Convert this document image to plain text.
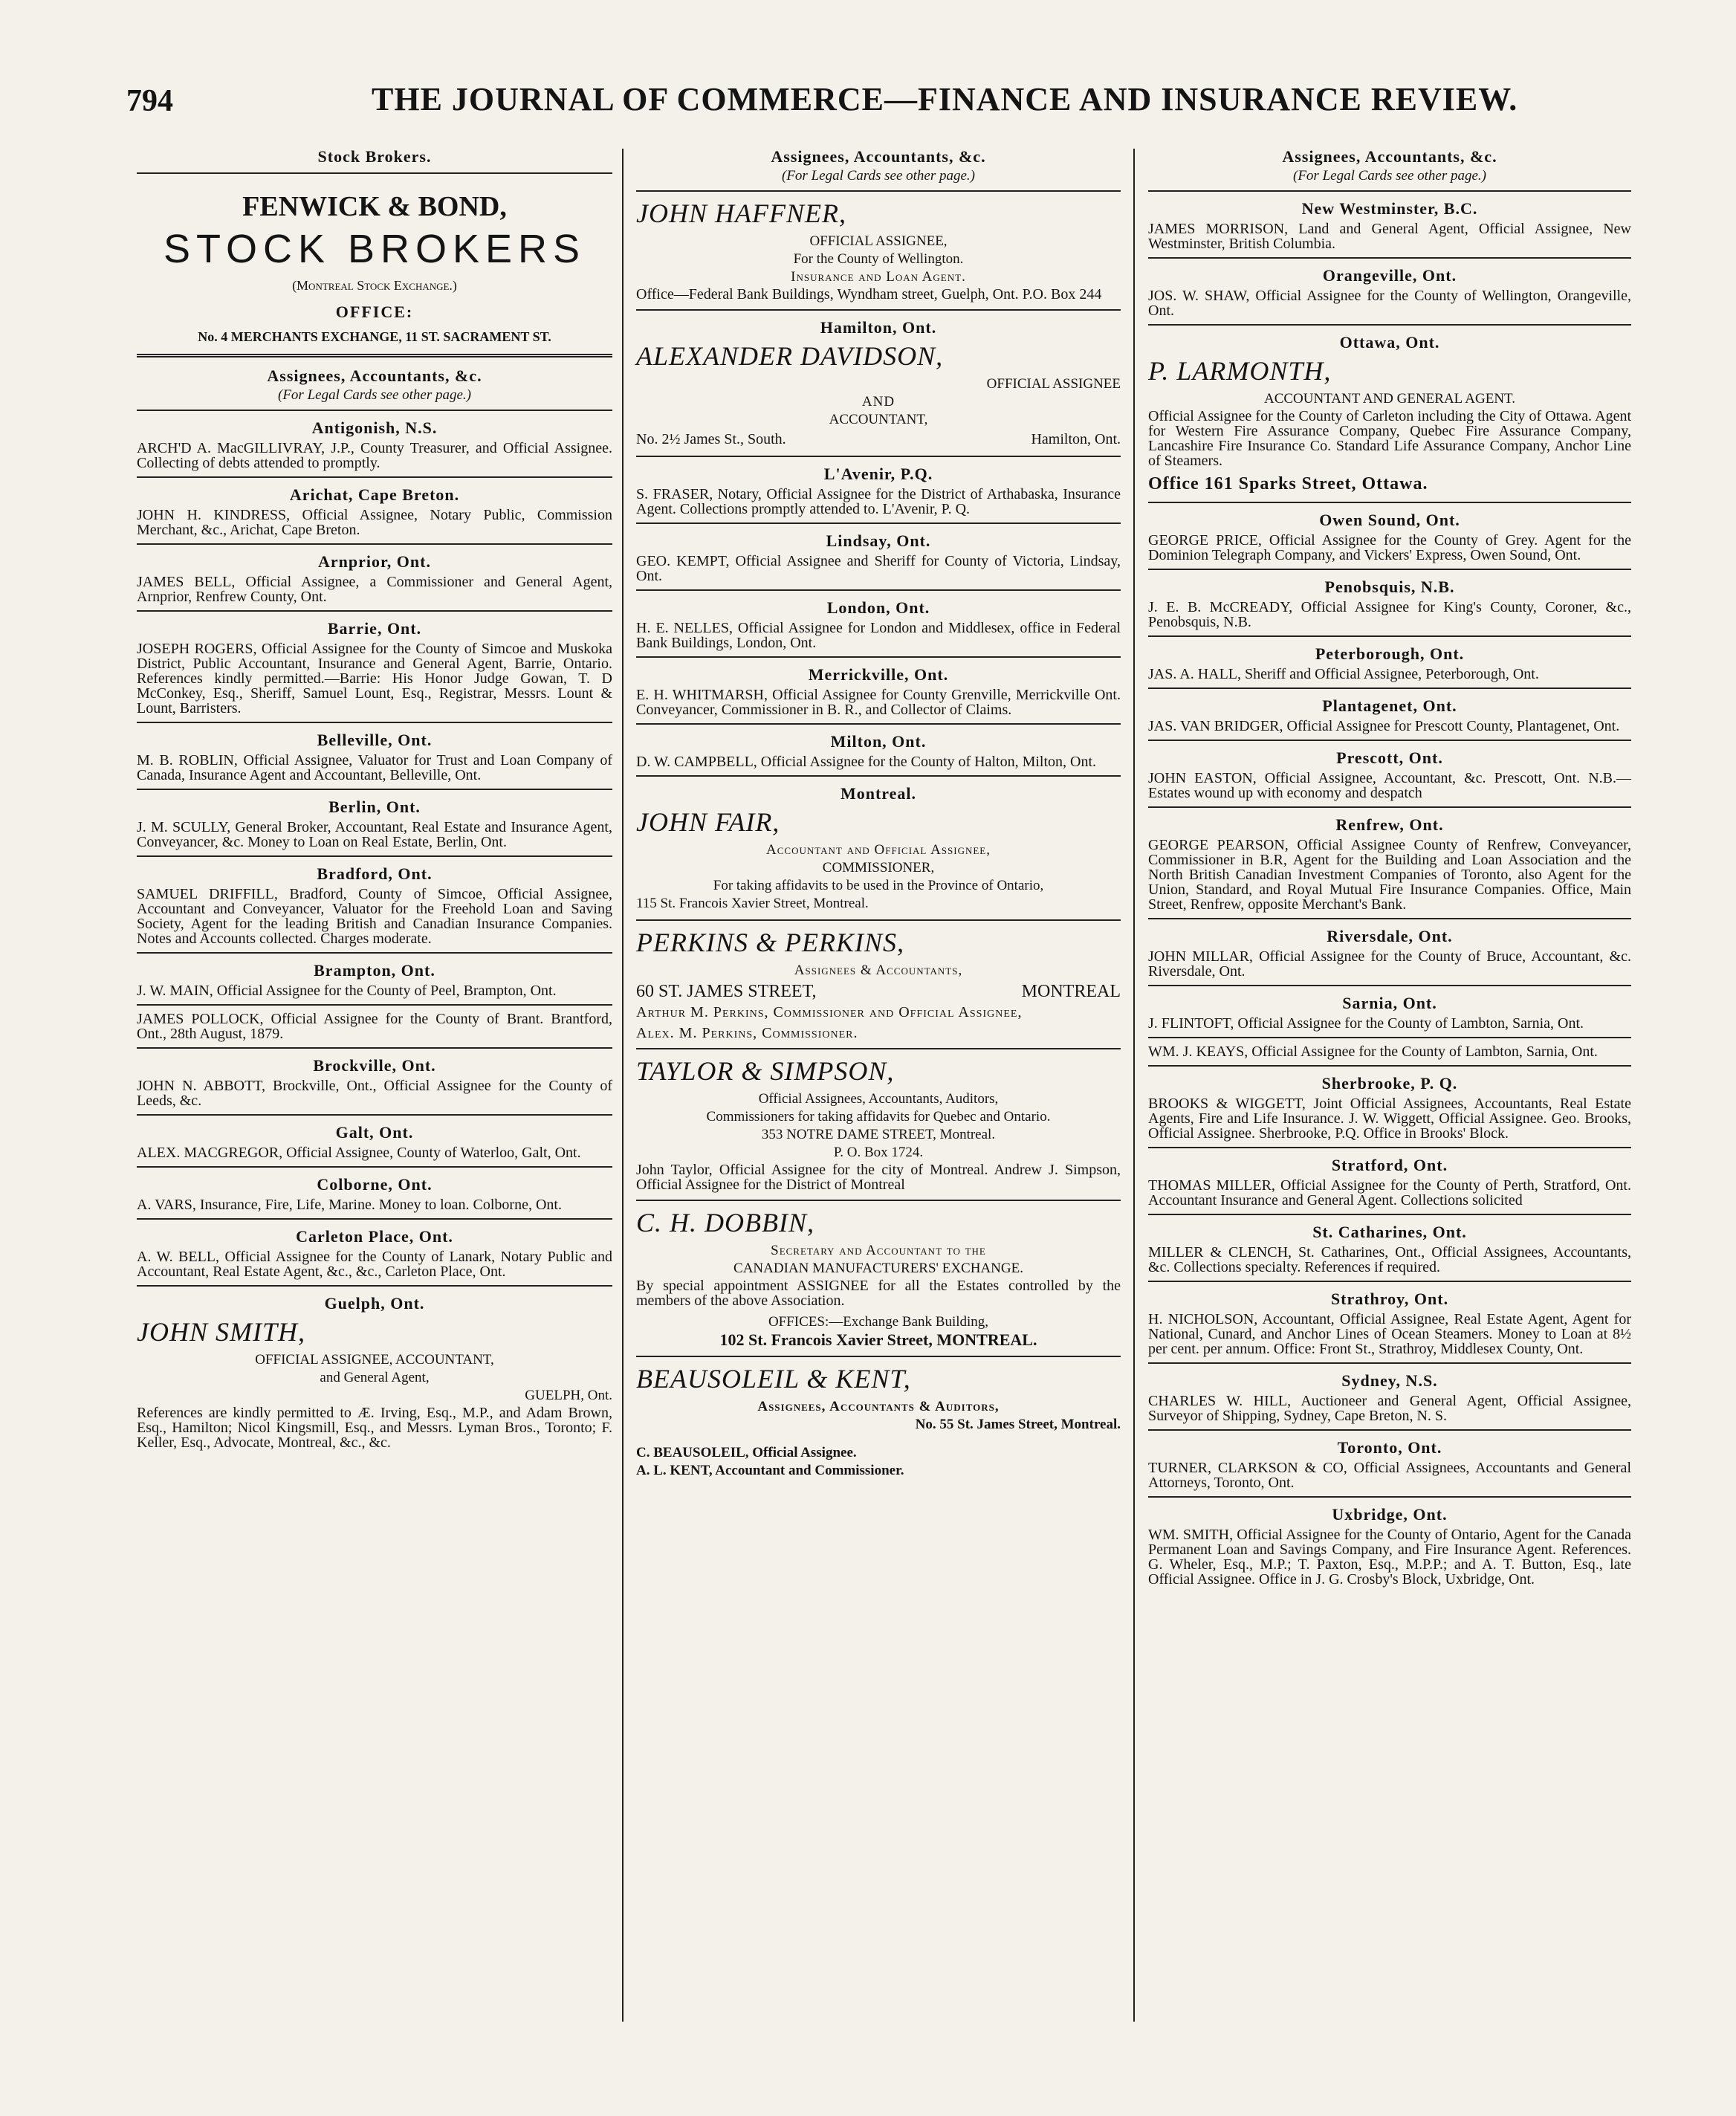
794	THE JOURNAL OF COMMERCE—FINANCE AND INSURANCE REVIEW.
Stock Brokers.
FENWICK & BOND,
STOCK BROKERS
(Montreal Stock Exchange.)
OFFICE:
No. 4 MERCHANTS EXCHANGE, 11 ST. SACRAMENT ST.
Assignees, Accountants, &c.
(For Legal Cards see other page.)
Antigonish, N.S.
ARCH'D A. MacGILLIVRAY, J.P., County Treasurer, and Official Assignee. Collecting of debts attended to promptly.
Arichat, Cape Breton.
JOHN H. KINDRESS, Official Assignee, Notary Public, Commission Merchant, &c., Arichat, Cape Breton.
Arnprior, Ont.
JAMES BELL, Official Assignee, a Commissioner and General Agent, Arnprior, Renfrew County, Ont.
Barrie, Ont.
JOSEPH ROGERS, Official Assignee for the County of Simcoe and Muskoka District, Public Accountant, Insurance and General Agent, Barrie, Ontario. References kindly permitted.—Barrie: His Honor Judge Gowan, T. D McConkey, Esq., Sheriff, Samuel Lount, Esq., Registrar, Messrs. Lount & Lount, Barristers.
Belleville, Ont.
M. B. ROBLIN, Official Assignee, Valuator for Trust and Loan Company of Canada, Insurance Agent and Accountant, Belleville, Ont.
Berlin, Ont.
J. M. SCULLY, General Broker, Accountant, Real Estate and Insurance Agent, Conveyancer, &c. Money to Loan on Real Estate, Berlin, Ont.
Bradford, Ont.
SAMUEL DRIFFILL, Bradford, County of Simcoe, Official Assignee, Accountant and Conveyancer, Valuator for the Freehold Loan and Saving Society, Agent for the leading British and Canadian Insurance Companies. Notes and Accounts collected. Charges moderate.
Brampton, Ont.
J. W. MAIN, Official Assignee for the County of Peel, Brampton, Ont.
JAMES POLLOCK, Official Assignee for the County of Brant. Brantford, Ont., 28th August, 1879.
Brockville, Ont.
JOHN N. ABBOTT, Brockville, Ont., Official Assignee for the County of Leeds, &c.
Galt, Ont.
ALEX. MACGREGOR, Official Assignee, County of Waterloo, Galt, Ont.
Colborne, Ont.
A. VARS, Insurance, Fire, Life, Marine. Money to loan. Colborne, Ont.
Carleton Place, Ont.
A. W. BELL, Official Assignee for the County of Lanark, Notary Public and Accountant, Real Estate Agent, &c., &c., Carleton Place, Ont.
Guelph, Ont.
JOHN SMITH,
OFFICIAL ASSIGNEE, ACCOUNTANT,
and General Agent,
GUELPH, Ont.
References are kindly permitted to Æ. Irving, Esq., M.P., and Adam Brown, Esq., Hamilton; Nicol Kingsmill, Esq., and Messrs. Lyman Bros., Toronto; F. Keller, Esq., Advocate, Montreal, &c., &c.
Assignees, Accountants, &c.
(For Legal Cards see other page.)
JOHN HAFFNER,
OFFICIAL ASSIGNEE,
For the County of Wellington.
Insurance and Loan Agent.
Office—Federal Bank Buildings, Wyndham street, Guelph, Ont. P.O. Box 244
Hamilton, Ont.
ALEXANDER DAVIDSON,
OFFICIAL ASSIGNEE
AND
ACCOUNTANT,
No. 2½ James St., South.	Hamilton, Ont.
L'Avenir, P.Q.
S. FRASER, Notary, Official Assignee for the District of Arthabaska, Insurance Agent. Collections promptly attended to. L'Avenir, P. Q.
Lindsay, Ont.
GEO. KEMPT, Official Assignee and Sheriff for County of Victoria, Lindsay, Ont.
London, Ont.
H. E. NELLES, Official Assignee for London and Middlesex, office in Federal Bank Buildings, London, Ont.
Merrickville, Ont.
E. H. WHITMARSH, Official Assignee for County Grenville, Merrickville Ont. Conveyancer, Commissioner in B. R., and Collector of Claims.
Milton, Ont.
D. W. CAMPBELL, Official Assignee for the County of Halton, Milton, Ont.
Montreal.
JOHN FAIR,
Accountant and Official Assignee,
COMMISSIONER,
For taking affidavits to be used in the Province of Ontario,
115 St. Francois Xavier Street, Montreal.
PERKINS & PERKINS,
Assignees & Accountants,
60 ST. JAMES STREET,	MONTREAL
Arthur M. Perkins, Commissioner and Official Assignee,
Alex. M. Perkins, Commissioner.
TAYLOR & SIMPSON,
Official Assignees, Accountants, Auditors,
Commissioners for taking affidavits for Quebec and Ontario.
353 NOTRE DAME STREET, Montreal.
P. O. Box 1724.
John Taylor, Official Assignee for the city of Montreal. Andrew J. Simpson, Official Assignee for the District of Montreal
C. H. DOBBIN,
Secretary and Accountant to the
CANADIAN MANUFACTURERS' EXCHANGE.
By special appointment ASSIGNEE for all the Estates controlled by the members of the above Association.
OFFICES:—Exchange Bank Building,
102 St. Francois Xavier Street, MONTREAL.
BEAUSOLEIL & KENT,
Assignees, Accountants & Auditors,
No. 55 St. James Street, Montreal.
C. BEAUSOLEIL, Official Assignee.
A. L. KENT, Accountant and Commissioner.
Assignees, Accountants, &c.
(For Legal Cards see other page.)
New Westminster, B.C.
JAMES MORRISON, Land and General Agent, Official Assignee, New Westminster, British Columbia.
Orangeville, Ont.
JOS. W. SHAW, Official Assignee for the County of Wellington, Orangeville, Ont.
Ottawa, Ont.
P. LARMONTH,
ACCOUNTANT AND GENERAL AGENT.
Official Assignee for the County of Carleton including the City of Ottawa. Agent for Western Fire Assurance Company, Quebec Fire Assurance Company, Lancashire Fire Insurance Co. Standard Life Assurance Company, Anchor Line of Steamers.
Office 161 Sparks Street, Ottawa.
Owen Sound, Ont.
GEORGE PRICE, Official Assignee for the County of Grey. Agent for the Dominion Telegraph Company, and Vickers' Express, Owen Sound, Ont.
Penobsquis, N.B.
J. E. B. McCREADY, Official Assignee for King's County, Coroner, &c., Penobsquis, N.B.
Peterborough, Ont.
JAS. A. HALL, Sheriff and Official Assignee, Peterborough, Ont.
Plantagenet, Ont.
JAS. VAN BRIDGER, Official Assignee for Prescott County, Plantagenet, Ont.
Prescott, Ont.
JOHN EASTON, Official Assignee, Accountant, &c. Prescott, Ont. N.B.—Estates wound up with economy and despatch
Renfrew, Ont.
GEORGE PEARSON, Official Assignee County of Renfrew, Conveyancer, Commissioner in B.R, Agent for the Building and Loan Association and the North British Canadian Investment Companies of Toronto, also Agent for the Union, Standard, and Royal Mutual Fire Insurance Companies. Office, Main Street, Renfrew, opposite Merchant's Bank.
Riversdale, Ont.
JOHN MILLAR, Official Assignee for the County of Bruce, Accountant, &c. Riversdale, Ont.
Sarnia, Ont.
J. FLINTOFT, Official Assignee for the County of Lambton, Sarnia, Ont.
WM. J. KEAYS, Official Assignee for the County of Lambton, Sarnia, Ont.
Sherbrooke, P. Q.
BROOKS & WIGGETT, Joint Official Assignees, Accountants, Real Estate Agents, Fire and Life Insurance. J. W. Wiggett, Official Assignee. Geo. Brooks, Official Assignee. Sherbrooke, P.Q. Office in Brooks' Block.
Stratford, Ont.
THOMAS MILLER, Official Assignee for the County of Perth, Stratford, Ont. Accountant Insurance and General Agent. Collections solicited
St. Catharines, Ont.
MILLER & CLENCH, St. Catharines, Ont., Official Assignees, Accountants, &c. Collections specialty. References if required.
Strathroy, Ont.
H. NICHOLSON, Accountant, Official Assignee, Real Estate Agent, Agent for National, Cunard, and Anchor Lines of Ocean Steamers. Money to Loan at 8½ per cent. per annum. Office: Front St., Strathroy, Middlesex County, Ont.
Sydney, N.S.
CHARLES W. HILL, Auctioneer and General Agent, Official Assignee, Surveyor of Shipping, Sydney, Cape Breton, N. S.
Toronto, Ont.
TURNER, CLARKSON & CO, Official Assignees, Accountants and General Attorneys, Toronto, Ont.
Uxbridge, Ont.
WM. SMITH, Official Assignee for the County of Ontario, Agent for the Canada Permanent Loan and Savings Company, and Fire Insurance Agent. References. G. Wheler, Esq., M.P.; T. Paxton, Esq., M.P.P.; and A. T. Button, Esq., late Official Assignee. Office in J. G. Crosby's Block, Uxbridge, Ont.
